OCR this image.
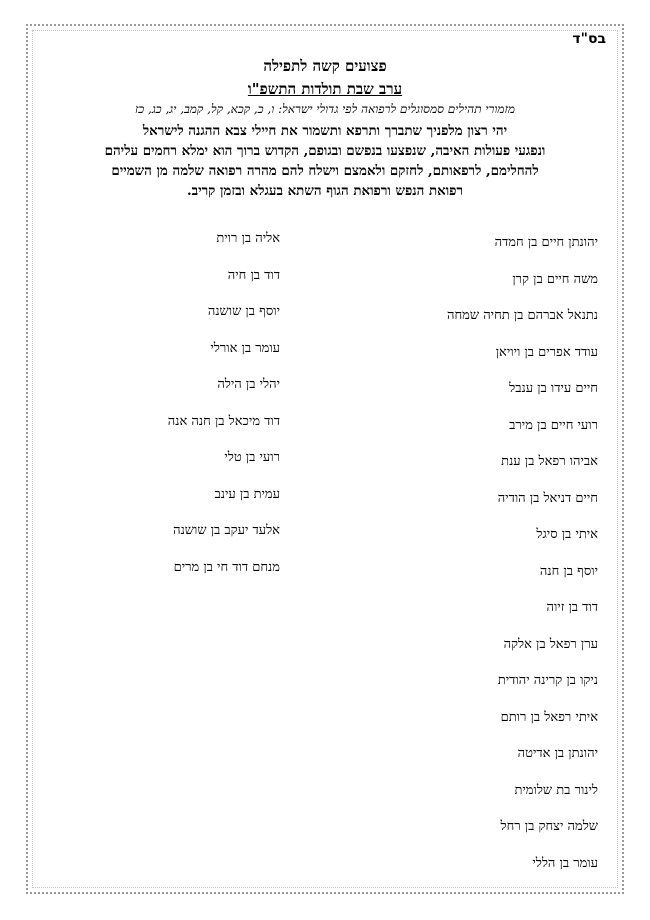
בס"ד
פצועים קשה לתפילה
ערב שבת תולדות התשפ"ו
מזמורי תהילים סמסוגלים לרפואה לפי גדולי ישראל: ו, כ, קכא, קל, קמב, יג, כג, כז
יהי רצון מלפניך שתברך ותרפא ותשמור את חיילי צבא ההגנה לישראל
ונפגעי פעולות האיבה, שנפצעו בנפשם ובגופם, הקדוש ברוך הוא ימלא רחמים עליהם
להחלימם, לרפאותם, לחזקם ולאמצם וישלח להם מהרה רפואה שלמה מן השמיים
רפואת הנפש ורפואת הגוף השתא בעגלא ובזמן קריב.
יהונתן חיים בן חמדה
משה חיים בן קרן
נתנאל אברהם בן תחיה שמחה
עודד אפרים בן ויויאן
חיים עידו בן ענבל
רועי חיים בן מירב
אביהו רפאל בן ענת
חיים דניאל בן הודיה
איתי בן סיגל
יוסף בן חנה
דוד בן זיוה
ערן רפאל בן אלקה
ניקו בן קרינה יהודית
איתי רפאל בן רותם
יהונתן בן אדיטה
לינור בת שלומית
שלמה יצחק בן רחל
עומר בן הללי
אליה בן רוית
דוד בן חיה
יוסף בן שושנה
עומר בן אורלי
יהלי בן הילה
דוד מיכאל בן חנה אנה
רועי בן טלי
עמית בן עינב
אלעד יעקב בן שושנה
מנחם דוד חי בן מרים
